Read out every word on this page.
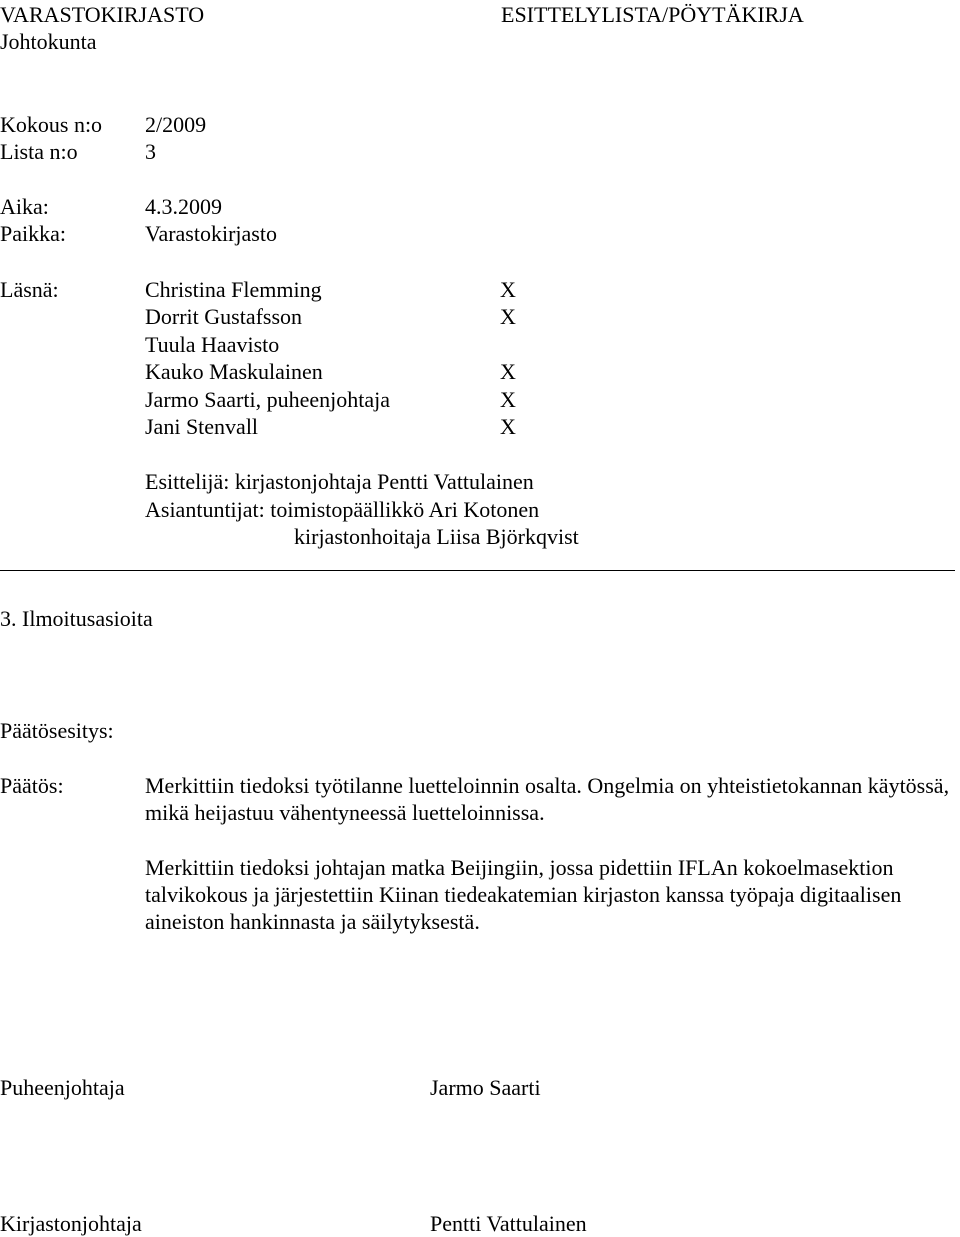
VARASTOKIRJASTO	ESITTELYLISTA/PÖYTÄKIRJA
Johtokunta
Kokous n:o 2/2009
Lista n:o	3
Aika:	4.3.2009
Paikka:	Varastokirjasto
Läsnä:	Christina Flemming	X
Dorrit Gustafsson	X
Tuula Haavisto
Kauko Maskulainen	X
Jarmo Saarti, puheenjohtaja	X
Jani Stenvall	X
Esittelijä: kirjastonjohtaja Pentti Vattulainen
Asiantuntijat: toimistopäällikkö Ari Kotonen
kirjastonhoitaja Liisa Björkqvist
3. Ilmoitusasioita
Päätösesitys:
Päätös:	Merkittiin tiedoksi työtilanne luetteloinnin osalta. Ongelmia on yhteistietokannan käytössä, mikä heijastuu vähentyneessä luetteloinnissa.
Merkittiin tiedoksi johtajan matka Beijingiin, jossa pidettiin IFLAn kokoelmasektion talvikokous ja järjestettiin Kiinan tiedeakatemian kirjaston kanssa työpaja digitaalisen aineiston hankinnasta ja säilytyksestä.
Puheenjohtaja	Jarmo Saarti
Kirjastonjohtaja	Pentti Vattulainen
